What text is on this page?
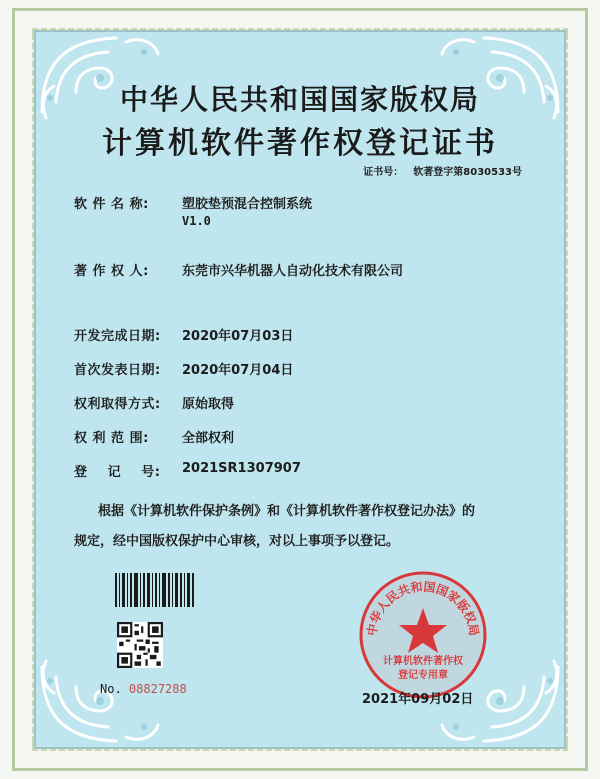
中华人民共和国国家版权局
计算机软件著作权登记证书
证书号： 软著登字第8030533号
软 件 名 称:	塑胶垫预混合控制系统
V1.0
著 作 权 人:	东莞市兴华机器人自动化技术有限公司
开发完成日期: 2020年07月03日
首次发表日期: 2020年07月04日
权利取得方式: 原始取得
权 利 范 围:	全部权利
登    记    号: 2021SR1307907
根据《计算机软件保护条例》和《计算机软件著作权登记办法》的
规定，经中国版权保护中心审核，对以上事项予以登记。
No. 08827288
中华人民共和国国家版权局
计算机软件著作权
登记专用章
2021年09月02日
